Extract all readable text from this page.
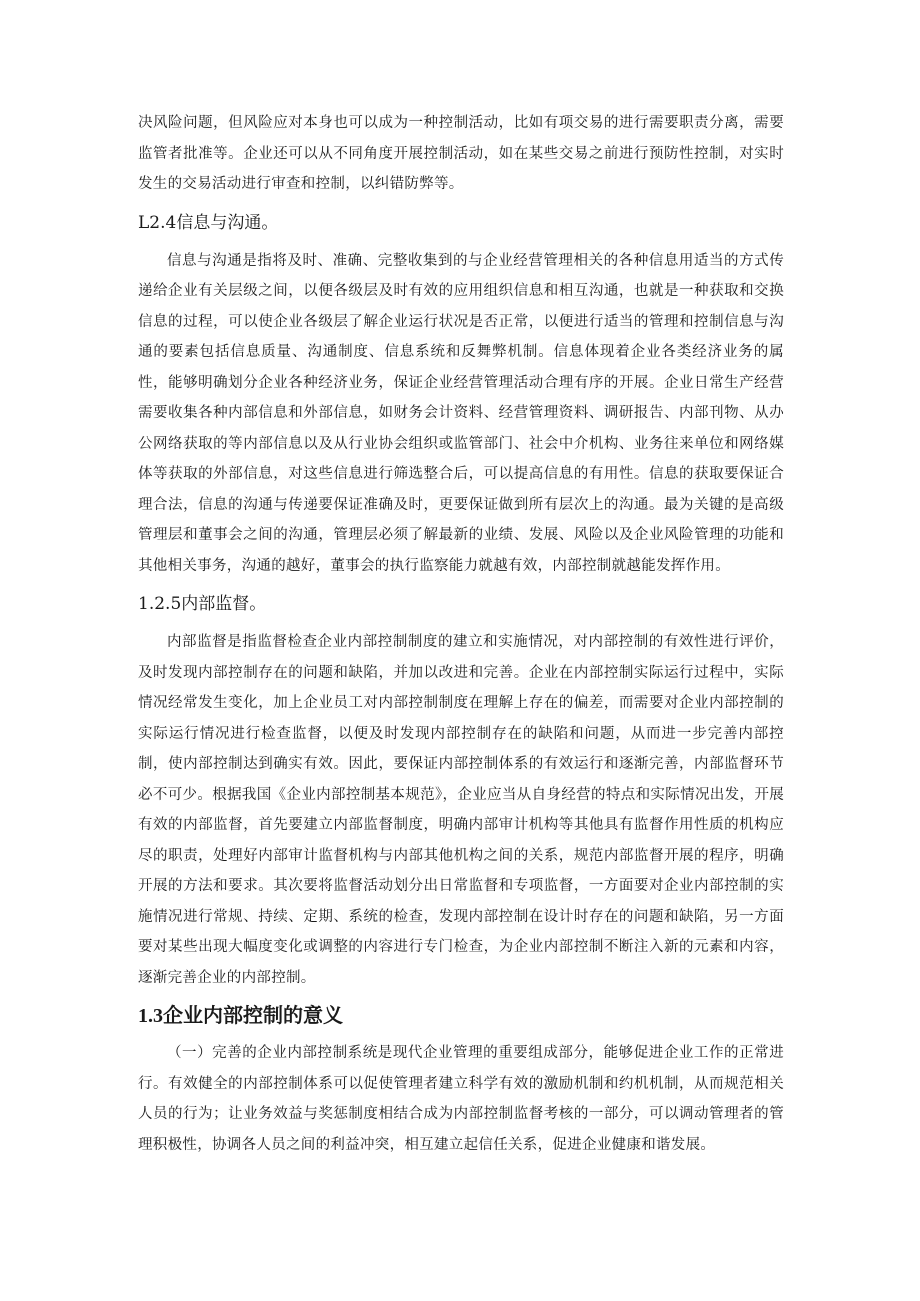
决风险问题，但风险应对本身也可以成为一种控制活动，比如有项交易的进行需要职责分离，需要监管者批准等。企业还可以从不同角度开展控制活动，如在某些交易之前进行预防性控制，对实时发生的交易活动进行审查和控制，以纠错防弊等。

L2.4信息与沟通。

信息与沟通是指将及时、准确、完整收集到的与企业经营管理相关的各种信息用适当的方式传递给企业有关层级之间，以便各级层及时有效的应用组织信息和相互沟通，也就是一种获取和交换信息的过程，可以使企业各级层了解企业运行状况是否正常，以便进行适当的管理和控制信息与沟通的要素包括信息质量、沟通制度、信息系统和反舞弊机制。信息体现着企业各类经济业务的属性，能够明确划分企业各种经济业务，保证企业经营管理活动合理有序的开展。企业日常生产经营需要收集各种内部信息和外部信息，如财务会计资料、经营管理资料、调研报告、内部刊物、从办公网络获取的等内部信息以及从行业协会组织或监管部门、社会中介机构、业务往来单位和网络媒体等获取的外部信息，对这些信息进行筛选整合后，可以提高信息的有用性。信息的获取要保证合理合法，信息的沟通与传递要保证准确及时，更要保证做到所有层次上的沟通。最为关键的是高级管理层和董事会之间的沟通，管理层必须了解最新的业绩、发展、风险以及企业风险管理的功能和其他相关事务，沟通的越好，董事会的执行监察能力就越有效，内部控制就越能发挥作用。

1.2.5内部监督。

内部监督是指监督检查企业内部控制制度的建立和实施情况，对内部控制的有效性进行评价，及时发现内部控制存在的问题和缺陷，并加以改进和完善。企业在内部控制实际运行过程中，实际情况经常发生变化，加上企业员工对内部控制制度在理解上存在的偏差，而需要对企业内部控制的实际运行情况进行检查监督，以便及时发现内部控制存在的缺陷和问题，从而进一步完善内部控制，使内部控制达到确实有效。因此，要保证内部控制体系的有效运行和逐渐完善，内部监督环节必不可少。根据我国《企业内部控制基本规范》，企业应当从自身经营的特点和实际情况出发，开展有效的内部监督，首先要建立内部监督制度，明确内部审计机构等其他具有监督作用性质的机构应尽的职责，处理好内部审计监督机构与内部其他机构之间的关系，规范内部监督开展的程序，明确开展的方法和要求。其次要将监督活动划分出日常监督和专项监督，一方面要对企业内部控制的实施情况进行常规、持续、定期、系统的检查，发现内部控制在设计时存在的问题和缺陷，另一方面要对某些出现大幅度变化或调整的内容进行专门检查，为企业内部控制不断注入新的元素和内容，逐渐完善企业的内部控制。

1.3企业内部控制的意义

（一）完善的企业内部控制系统是现代企业管理的重要组成部分，能够促进企业工作的正常进行。有效健全的内部控制体系可以促使管理者建立科学有效的激励机制和约机机制，从而规范相关人员的行为；让业务效益与奖惩制度相结合成为内部控制监督考核的一部分，可以调动管理者的管理积极性，协调各人员之间的利益冲突，相互建立起信任关系，促进企业健康和谐发展。
